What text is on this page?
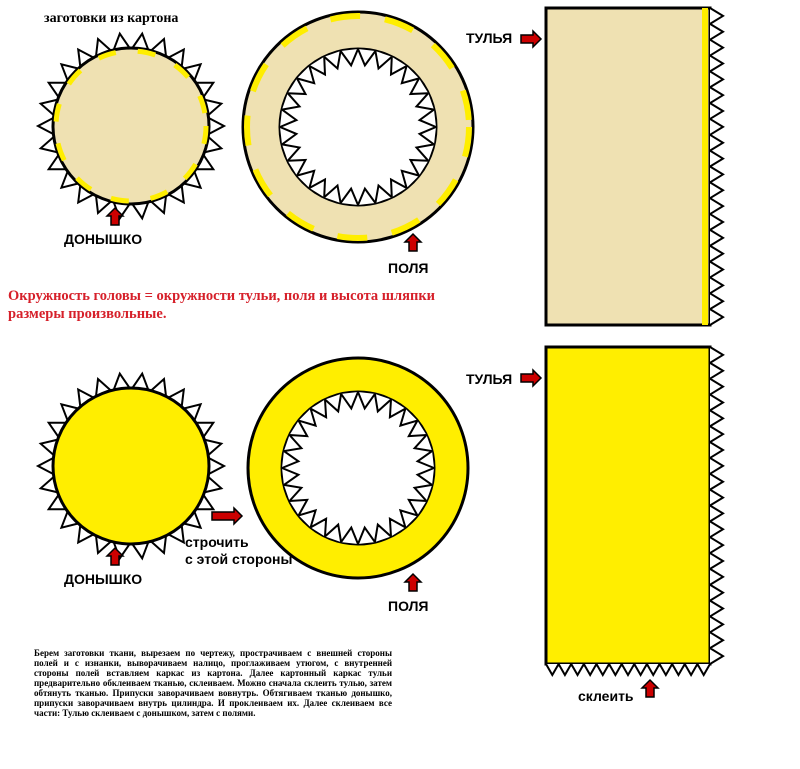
заготовки из картона
ДОНЫШКО
ПОЛЯ
ТУЛЬЯ
Окружность головы = окружности тульи, поля и высота шляпки
размеры произвольные.
ТУЛЬЯ
строчить
с этой стороны
ДОНЫШКО
ПОЛЯ
склеить
Берем заготовки ткани, вырезаем по чертежу, прострачиваем с внешней стороны полей и с изнанки, выворачиваем налицо, проглаживаем утюгом, с внутренней стороны полей вставляем каркас из картона. Далее картонный каркас тульи предварительно обклеиваем тканью, склеиваем. Можно сначала склеить тулью, затем обтянуть тканью. Припуски заворачиваем вовнутрь. Обтягиваем тканью донышко, припуски заворачиваем внутрь цилиндра. И проклеиваем их. Далее склеиваем все части: Тулью склеиваем с донышком, затем с полями.
